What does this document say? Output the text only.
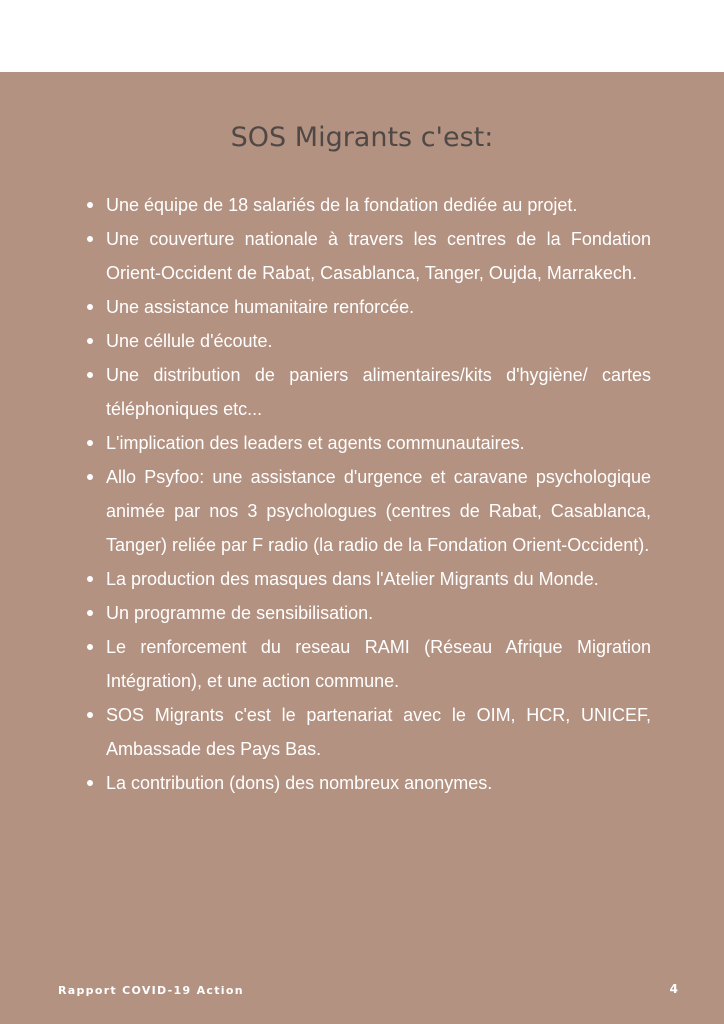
SOS Migrants c'est:
Une équipe de 18 salariés de la fondation dediée au projet.
Une couverture nationale à travers les centres de la Fondation Orient-Occident de Rabat, Casablanca, Tanger, Oujda, Marrakech.
Une assistance humanitaire renforcée.
Une céllule d'écoute.
Une distribution de paniers alimentaires/kits d'hygiène/ cartes téléphoniques etc...
L'implication des leaders et agents communautaires.
Allo Psyfoo: une assistance d'urgence et caravane psychologique animée par nos 3 psychologues (centres de Rabat, Casablanca, Tanger) reliée par F radio (la radio de la Fondation Orient-Occident).
La production des masques dans l'Atelier Migrants du Monde.
Un programme de sensibilisation.
Le renforcement du reseau RAMI (Réseau Afrique Migration Intégration), et une action commune.
SOS Migrants c'est le partenariat avec le OIM, HCR, UNICEF, Ambassade des Pays Bas.
La contribution (dons) des nombreux anonymes.
Rapport COVID-19 Action	4
